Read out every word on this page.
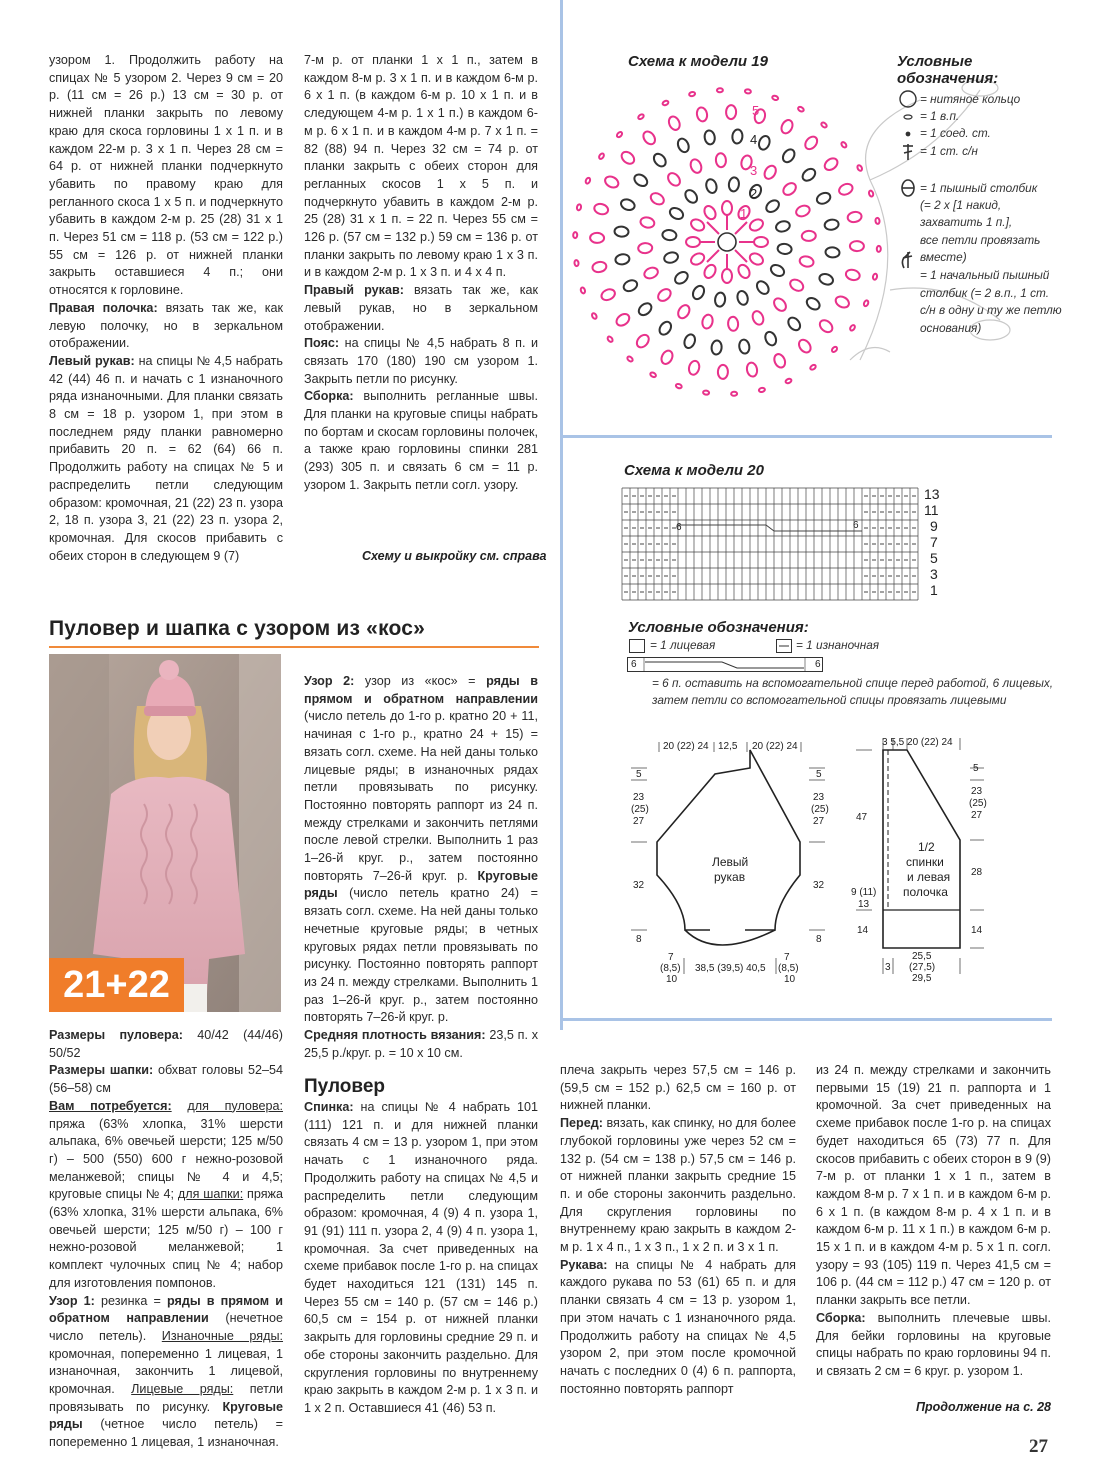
узором 1. Продолжить работу на спицах № 5 узором 2. Через 9 см = 20 р. (11 см = 26 р.) 13 см = 30 р. от нижней планки закрыть по левому краю для скоса горловины 1 х 1 п. и в каждом 22-м р. 3 х 1 п. Через 28 см = 64 р. от нижней планки подчеркнуто убавить по правому краю для регланного скоса 1 х 5 п. и подчеркнуто убавить в каждом 2-м р. 25 (28) 31 х 1 п. Через 51 см = 118 р. (53 см = 122 р.) 55 см = 126 р. от нижней планки закрыть оставшиеся 4 п.; они относятся к горловине.

Правая полочка: вязать так же, как левую полочку, но в зеркальном отображении.

Левый рукав: на спицы № 4,5 набрать 42 (44) 46 п. и начать с 1 изнаночного ряда изнаночными. Для планки связать 8 см = 18 р. узором 1, при этом в последнем ряду планки равномерно прибавить 20 п. = 62 (64) 66 п. Продолжить работу на спицах № 5 и распределить петли следующим образом: кромочная, 21 (22) 23 п. узора 2, 18 п. узора 3, 21 (22) 23 п. узора 2, кромочная. Для скосов прибавить с обеих сторон в следующем 9 (7)

7-м р. от планки 1 х 1 п., затем в каждом 8-м р. 3 х 1 п. и в каждом 6-м р. 6 х 1 п. (в каждом 6-м р. 10 х 1 п. и в следующем 4-м р. 1 х 1 п.) в каждом 6-м р. 6 х 1 п. и в каждом 4-м р. 7 х 1 п. = 82 (88) 94 п. Через 32 см = 74 р. от планки закрыть с обеих сторон для регланных скосов 1 х 5 п. и подчеркнуто убавить в каждом 2-м р. 25 (28) 31 х 1 п. = 22 п. Через 55 см = 126 р. (57 см = 132 р.) 59 см = 136 р. от планки закрыть по левому краю 1 х 3 п. и в каждом 2-м р. 1 х 3 п. и 4 х 4 п.

Правый рукав: вязать так же, как левый рукав, но в зеркальном отображении.

Пояс: на спицы № 4,5 набрать 8 п. и связать 170 (180) 190 см узором 1. Закрыть петли по рисунку.

Сборка: выполнить регланные швы. Для планки на круговые спицы набрать по бортам и скосам горловины полочек, а также краю горловины спинки 281 (293) 305 п. и связать 6 см = 11 р. узором 1. Закрыть петли согл. узору.

Схему и выкройку см. справа
Пуловер и шапка с узором из «кос»
21+22

Узор 2: узор из «кос» = ряды в прямом и обратном направлении (число петель до 1-го р. кратно 20 + 11, начиная с 1-го р., кратно 24 + 15) = вязать согл. схеме. На ней даны только лицевые ряды; в изнаночных рядах петли провязывать по рисунку. Постоянно повторять раппорт из 24 п. между стрелками и закончить петлями после левой стрелки. Выполнить 1 раз 1–26-й круг. р., затем постоянно повторять 7–26-й круг. р. Круговые ряды (число петель кратно 24) = вязать согл. схеме. На ней даны только нечетные круговые ряды; в четных круговых рядах петли провязывать по рисунку. Постоянно повторять раппорт из 24 п. между стрелками. Выполнить 1 раз 1–26-й круг. р., затем постоянно повторять 7–26-й круг. р.

Средняя плотность вязания: 23,5 п. х 25,5 р./круг. р. = 10 х 10 см.

Размеры пуловера: 40/42 (44/46) 50/52
Размеры шапки: обхват головы 52–54 (56–58) см

Вам потребуется: для пуловера: пряжа (63% хлопка, 31% шерсти альпака, 6% овечьей шерсти; 125 м/50 г) – 500 (550) 600 г нежно-розовой меланжевой; спицы № 4 и 4,5; круговые спицы № 4; для шапки: пряжа (63% хлопка, 31% шерсти альпака, 6% овечьей шерсти; 125 м/50 г) – 100 г нежно-розовой меланжевой; 1 комплект чулочных спиц № 4; набор для изготовления помпонов.

Узор 1: резинка = ряды в прямом и обратном направлении (нечетное число петель). Изнаночные ряды: кромочная, попеременно 1 лицевая, 1 изнаночная, закончить 1 лицевой, кромочная. Лицевые ряды: петли провязывать по рисунку. Круговые ряды (четное число петель) = попеременно 1 лицевая, 1 изнаночная.

Пуловер

Спинка: на спицы № 4 набрать 101 (111) 121 п. и для нижней планки связать 4 см = 13 р. узором 1, при этом начать с 1 изнаночного ряда. Продолжить работу на спицах № 4,5 и распределить петли следующим образом: кромочная, 4 (9) 4 п. узора 1, 91 (91) 111 п. узора 2, 4 (9) 4 п. узора 1, кромочная. За счет приведенных на схеме прибавок после 1-го р. на спицах будет находиться 121 (131) 145 п. Через 55 см = 140 р. (57 см = 146 р.) 60,5 см = 154 р. от нижней планки закрыть для горловины средние 29 п. и обе стороны закончить раздельно. Для скругления горловины по внутреннему краю закрыть в каждом 2-м р. 1 х 3 п. и 1 х 2 п. Оставшиеся 41 (46) 53 п.

плеча закрыть через 57,5 см = 146 р. (59,5 см = 152 р.) 62,5 см = 160 р. от нижней планки.

Перед: вязать, как спинку, но для более глубокой горловины уже через 52 см = 132 р. (54 см = 138 р.) 57,5 см = 146 р. от нижней планки закрыть средние 15 п. и обе стороны закончить раздельно. Для скругления горловины по внутреннему краю закрыть в каждом 2-м р. 1 х 4 п., 1 х 3 п., 1 х 2 п. и 3 х 1 п.

Рукава: на спицы № 4 набрать для каждого рукава по 53 (61) 65 п. и для планки связать 4 см = 13 р. узором 1, при этом начать с 1 изнаночного ряда. Продолжить работу на спицах № 4,5 узором 2, при этом после кромочной начать с последних 0 (4) 6 п. раппорта, постоянно повторять раппорт

из 24 п. между стрелками и закончить первыми 15 (19) 21 п. раппорта и 1 кромочной. За счет приведенных на схеме прибавок после 1-го р. на спицах будет находиться 65 (73) 77 п. Для скосов прибавить с обеих сторон в 9 (9) 7-м р. от планки 1 х 1 п., затем в каждом 8-м р. 7 х 1 п. и в каждом 6-м р. 6 х 1 п. (в каждом 8-м р. 4 х 1 п. и в каждом 6-м р. 11 х 1 п.) в каждом 6-м р. 15 х 1 п. и в каждом 4-м р. 5 х 1 п. согл. узору = 93 (105) 119 п. Через 41,5 см = 106 р. (44 см = 112 р.) 47 см = 120 р. от планки закрыть все петли.

Сборка: выполнить плечевые швы. Для бейки горловины на круговые спицы набрать по краю горловины 94 п. и связать 2 см = 6 круг. р. узором 1.

Продолжение на с. 28
Схема к модели 19
5
4
3
2
1
Условные
обозначения:
= нитяное кольцо
= 1 в.п.
= 1 соед. ст.
= 1 ст. с/н
= 1 пышный столбик
(= 2 х [1 накид,
захватить 1 п.],
все петли провязать
вместе)
= 1 начальный пышный
столбик (= 2 в.п., 1 ст.
с/н в одну и ту же петлю
основания)
Схема к модели 20
6	6
13
11
9
7
5
3
1
Условные обозначения:
= 1 лицевая	= 1 изнаночная
6	6
= 6 п. оставить на вспомогательной спице перед работой, 6 лицевых,
затем петли со вспомогательной спицы провязать лицевыми
20 (22) 24 12,5 20 (22) 24
5
23
(25)
27
32
8
5
23
(25)
27
32
8
Левый
рукав
7
(8,5)
10
38,5 (39,5) 40,5
7
(8,5)
10
3 5,5 20 (22) 24
47
9 (11)
13
14
5
23
(25)
27
28
14
1/2
спинки
и левая
полочка
3
25,5
(27,5)
29,5
27
